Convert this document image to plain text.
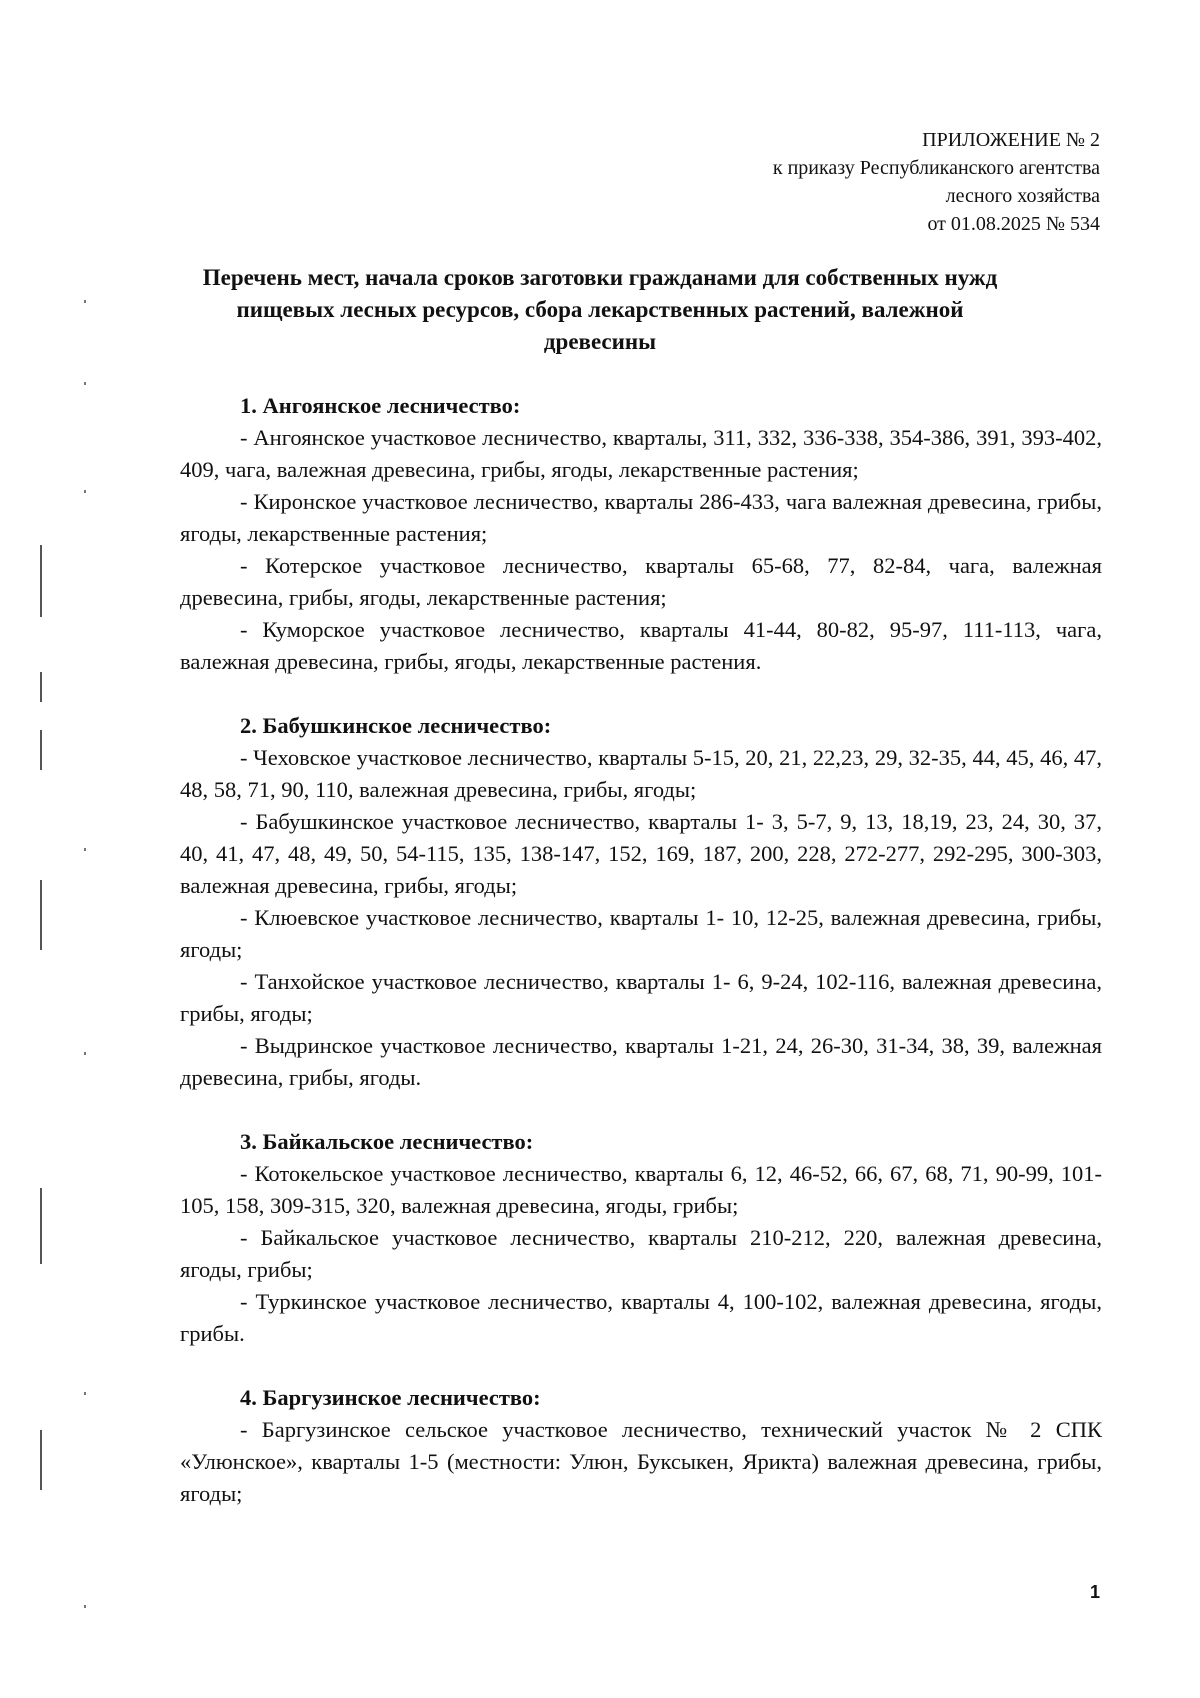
ПРИЛОЖЕНИЕ № 2
к приказу Республиканского агентства
лесного хозяйства
от 01.08.2025 № 534
Перечень мест, начала сроков заготовки гражданами для собственных нужд пищевых лесных ресурсов, сбора лекарственных растений, валежной древесины

1. Ангоянское лесничество:

- Ангоянское участковое лесничество, кварталы, 311, 332, 336-338, 354-386, 391, 393-402, 409, чага, валежная древесина, грибы, ягоды, лекарственные растения;

- Киронское участковое лесничество, кварталы 286-433, чага валежная древесина, грибы, ягоды, лекарственные растения;

- Котерское участковое лесничество, кварталы 65-68, 77, 82-84, чага, валежная древесина, грибы, ягоды, лекарственные растения;

- Куморское участковое лесничество, кварталы 41-44, 80-82, 95-97, 111-113, чага, валежная древесина, грибы, ягоды, лекарственные растения.

2. Бабушкинское лесничество:

- Чеховское участковое лесничество, кварталы 5-15, 20, 21, 22,23, 29, 32-35, 44, 45, 46, 47, 48, 58, 71, 90, 110, валежная древесина, грибы, ягоды;

- Бабушкинское участковое лесничество, кварталы 1- 3, 5-7, 9, 13, 18,19, 23, 24, 30, 37, 40, 41, 47, 48, 49, 50, 54-115, 135, 138-147, 152, 169, 187, 200, 228, 272-277, 292-295, 300-303, валежная древесина, грибы, ягоды;

- Клюевское участковое лесничество, кварталы 1- 10, 12-25, валежная древесина, грибы, ягоды;

- Танхойское участковое лесничество, кварталы 1- 6, 9-24, 102-116, валежная древесина, грибы, ягоды;

- Выдринское участковое лесничество, кварталы 1-21, 24, 26-30, 31-34, 38, 39, валежная древесина, грибы, ягоды.

3. Байкальское лесничество:

- Котокельское участковое лесничество, кварталы 6, 12, 46-52, 66, 67, 68, 71, 90-99, 101-105, 158, 309-315, 320, валежная древесина, ягоды, грибы;

- Байкальское участковое лесничество, кварталы 210-212, 220, валежная древесина, ягоды, грибы;

- Туркинское участковое лесничество, кварталы 4, 100-102, валежная древесина, ягоды, грибы.

4. Баргузинское лесничество:

- Баргузинское сельское участковое лесничество, технический участок № 2 СПК «Улюнское», кварталы 1-5 (местности: Улюн, Буксыкен, Ярикта) валежная древесина, грибы, ягоды;

1
